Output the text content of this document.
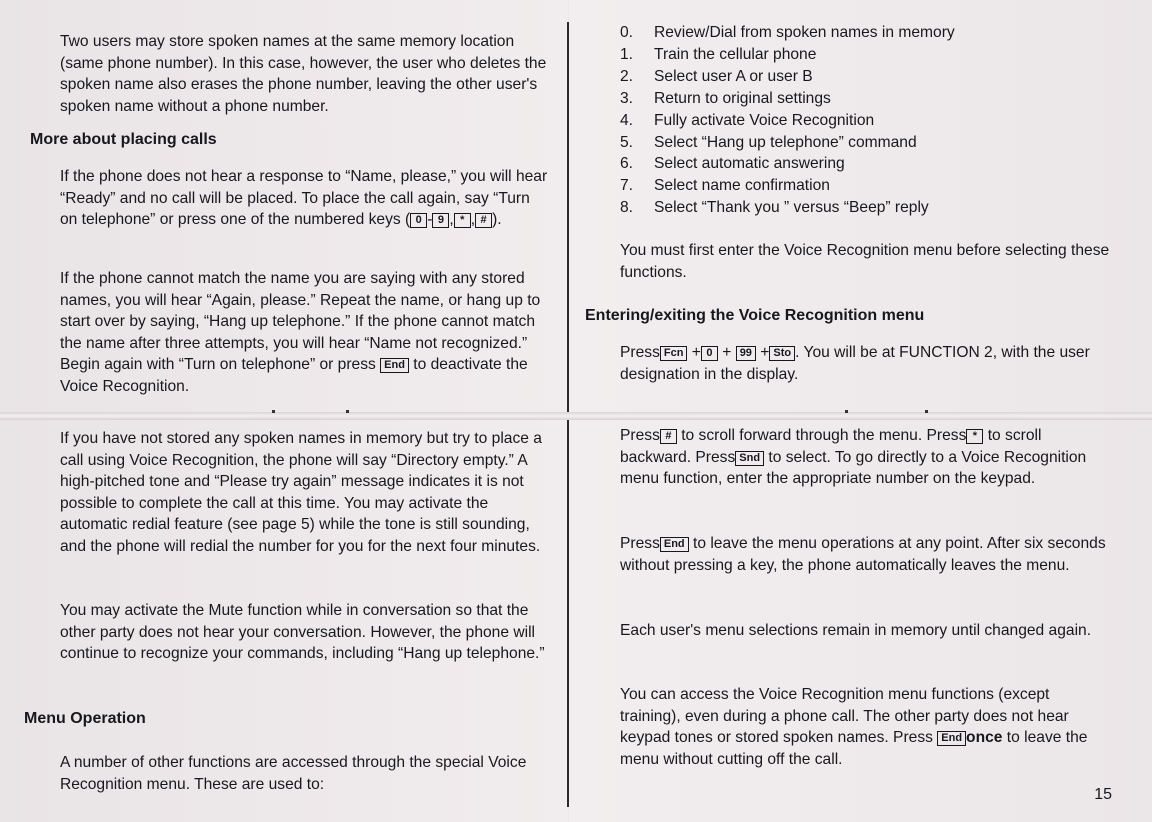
Two users may store spoken names at the same memory location (same phone number). In this case, however, the user who deletes the spoken name also erases the phone number, leaving the other user's spoken name without a phone number.

More about placing calls

If the phone does not hear a response to “Name, please,” you will hear “Ready” and no call will be placed. To place the call again, say “Turn on telephone” or press one of the numbered keys ( 0 - 9 , * , # ).

If the phone cannot match the name you are saying with any stored names, you will hear “Again, please.” Repeat the name, or hang up to start over by saying, “Hang up telephone.” If the phone cannot match the name after three attempts, you will hear “Name not recognized.” Begin again with “Turn on telephone” or press End to deactivate the Voice Recognition.

If you have not stored any spoken names in memory but try to place a call using Voice Recognition, the phone will say “Directory empty.” A high-pitched tone and “Please try again” message indicates it is not possible to complete the call at this time. You may activate the automatic redial feature (see page 5) while the tone is still sounding, and the phone will redial the number for you for the next four minutes.

You may activate the Mute function while in conversation so that the other party does not hear your conversation. However, the phone will continue to recognize your commands, including “Hang up telephone.”

Menu Operation

A number of other functions are accessed through the special Voice Recognition menu. These are used to:

0. Review/Dial from spoken names in memory
1. Train the cellular phone
2. Select user A or user B
3. Return to original settings
4. Fully activate Voice Recognition
5. Select “Hang up telephone” command
6. Select automatic answering
7. Select name confirmation
8. Select “Thank you ” versus “Beep” reply

You must first enter the Voice Recognition menu before selecting these functions.

Entering/exiting the Voice Recognition menu

Press Fcn + 0 + 99 + Sto . You will be at FUNCTION 2, with the user designation in the display.

Press # to scroll forward through the menu. Press * to scroll backward. Press Snd to select. To go directly to a Voice Recognition menu function, enter the appropriate number on the keypad.

Press End to leave the menu operations at any point. After six seconds without pressing a key, the phone automatically leaves the menu.

Each user's menu selections remain in memory until changed again.

You can access the Voice Recognition menu functions (except training), even during a phone call. The other party does not hear keypad tones or stored spoken names. Press End once to leave the menu without cutting off the call.

15
